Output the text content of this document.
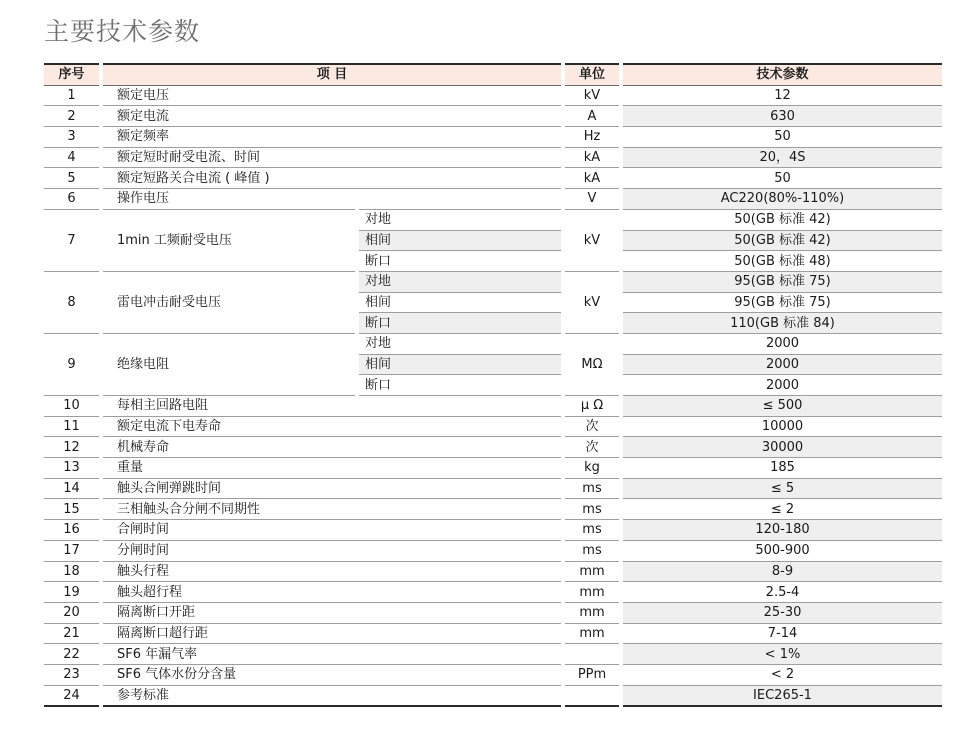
主要技术参数
序号	项 目		单位	技术参数
1	额定电压		kV	12
2	额定电流		A	630
3	额定频率		Hz	50
4	额定短时耐受电流、时间		kA	20，4S
5	额定短路关合电流 ( 峰值 )		kA	50
6	操作电压		V	AC220(80%-110%)
7	1min 工频耐受电压	对地	kV	50(GB 标准 42)
		相间		50(GB 标准 42)
		断口		50(GB 标准 48)
8	雷电冲击耐受电压	对地	kV	95(GB 标准 75)
		相间		95(GB 标准 75)
		断口		110(GB 标准 84)
9	绝缘电阻	对地	MΩ	2000
		相间		2000
		断口		2000
10	每相主回路电阻		μ Ω	≤ 500
11	额定电流下电寿命		次	10000
12	机械寿命		次	30000
13	重量		kg	185
14	触头合闸弹跳时间		ms	≤ 5
15	三相触头合分闸不同期性		ms	≤ 2
16	合闸时间		ms	120-180
17	分闸时间		ms	500-900
18	触头行程		mm	8-9
19	触头超行程		mm	2.5-4
20	隔离断口开距		mm	25-30
21	隔离断口超行距		mm	7-14
22	SF6 年漏气率			< 1%
23	SF6 气体水份分含量		PPm	< 2
24	参考标准			IEC265-1
